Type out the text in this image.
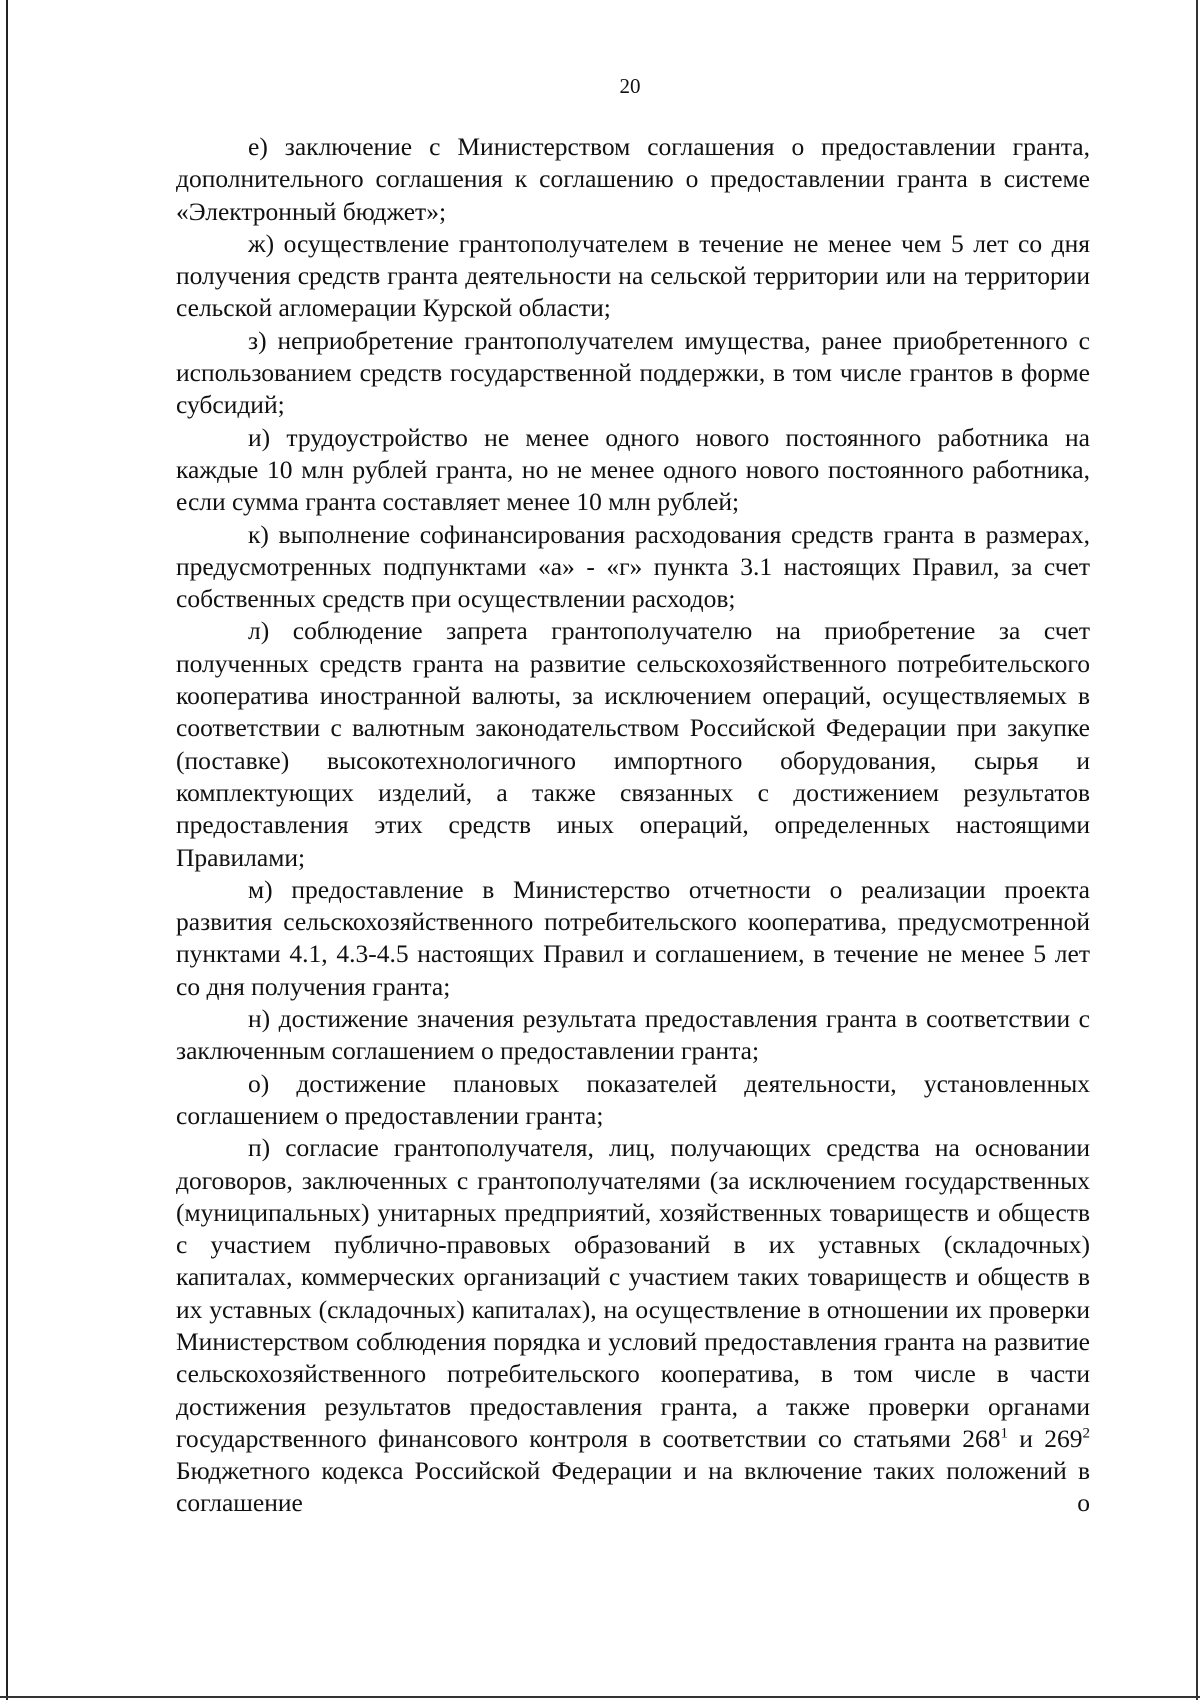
20

е) заключение с Министерством соглашения о предоставлении гранта, дополнительного соглашения к соглашению о предоставлении гранта в системе «Электронный бюджет»;

ж) осуществление грантополучателем в течение не менее чем 5 лет со дня получения средств гранта деятельности на сельской территории или на территории сельской агломерации Курской области;

з) неприобретение грантополучателем имущества, ранее приобретенного с использованием средств государственной поддержки, в том числе грантов в форме субсидий;

и) трудоустройство не менее одного нового постоянного работника на каждые 10 млн рублей гранта, но не менее одного нового постоянного работника, если сумма гранта составляет менее 10 млн рублей;

к) выполнение софинансирования расходования средств гранта в размерах, предусмотренных подпунктами «а» - «г» пункта 3.1 настоящих Правил, за счет собственных средств при осуществлении расходов;

л) соблюдение запрета грантополучателю на приобретение за счет полученных средств гранта на развитие сельскохозяйственного потребительского кооператива иностранной валюты, за исключением операций, осуществляемых в соответствии с валютным законодательством Российской Федерации при закупке (поставке) высокотехнологичного импортного оборудования, сырья и комплектующих изделий, а также связанных с достижением результатов предоставления этих средств иных операций, определенных настоящими Правилами;

м) предоставление в Министерство отчетности о реализации проекта развития сельскохозяйственного потребительского кооператива, предусмотренной пунктами 4.1, 4.3-4.5 настоящих Правил и соглашением, в течение не менее 5 лет со дня получения гранта;

н) достижение значения результата предоставления гранта в соответствии с заключенным соглашением о предоставлении гранта;

о) достижение плановых показателей деятельности, установленных соглашением о предоставлении гранта;

п) согласие грантополучателя, лиц, получающих средства на основании договоров, заключенных с грантополучателями (за исключением государственных (муниципальных) унитарных предприятий, хозяйственных товариществ и обществ с участием публично-правовых образований в их уставных (складочных) капиталах, коммерческих организаций с участием таких товариществ и обществ в их уставных (складочных) капиталах), на осуществление в отношении их проверки Министерством соблюдения порядка и условий предоставления гранта на развитие сельскохозяйственного потребительского кооператива, в том числе в части достижения результатов предоставления гранта, а также проверки органами государственного финансового контроля в соответствии со статьями $268^1$ и $269^2$ Бюджетного кодекса Российской Федерации и на включение таких положений в соглашение о
